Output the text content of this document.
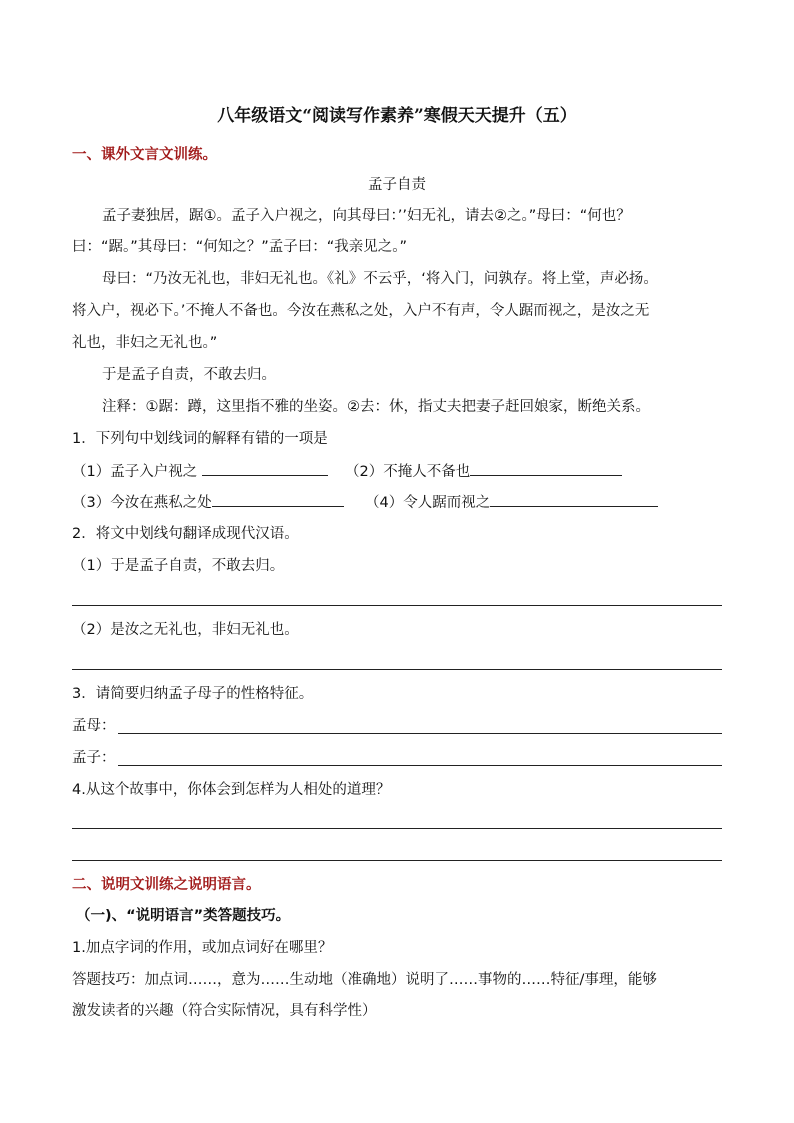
八年级语文“阅读写作素养”寒假天天提升（五）
一、课外文言文训练。
孟子自责
孟子妻独居，踞①。孟子入户视之，向其母曰：’’妇无礼，请去②之。”母曰：“何也？
曰：“踞。”其母曰：“何知之？”孟子曰：“我亲见之。”
母曰：“乃汝无礼也，非妇无礼也。《礼》不云乎，‘将入门，问孰存。将上堂，声必扬。
将入户，视必下。’不掩人不备也。今汝在燕私之处，入户不有声，令人踞而视之，是汝之无
礼也，非妇之无礼也。”
于是孟子自责，不敢去归。
注释：①踞：蹲，这里指不雅的坐姿。②去：休，指丈夫把妻子赶回娘家，断绝关系。
1．下列句中划线词的解释有错的一项是
（1）孟子入户视之	（2）不掩人不备也
（3）今汝在燕私之处	（4）令人踞而视之
2．将文中划线句翻译成现代汉语。
（1）于是孟子自责，不敢去归。
（2）是汝之无礼也，非妇无礼也。
3．请简要归纳孟子母子的性格特征。
孟母：
孟子：
4.从这个故事中，你体会到怎样为人相处的道理？
二、说明文训练之说明语言。
（一)、“说明语言”类答题技巧。
1.加点字词的作用，或加点词好在哪里？
答题技巧：加点词……，意为……生动地（准确地）说明了……事物的……特征/事理，能够
激发读者的兴趣（符合实际情况，具有科学性）
